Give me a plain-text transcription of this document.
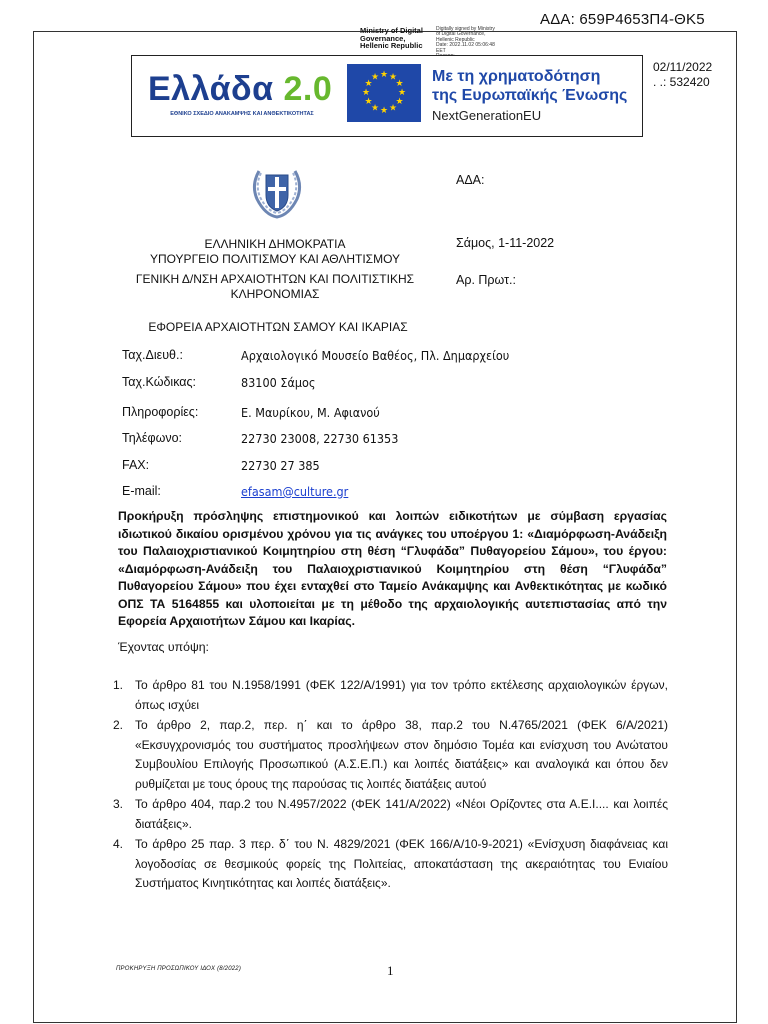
ΑΔΑ: 659Ρ4653Π4-ΘΚ5
Ministry of Digital
Governance,
Hellenic Republic
Digitally signed by Ministry
of Digital Governance,
Hellenic Republic
Date: 2022.11.02 05:06:48
EET
02/11/2022
. .: 532420
Ελλάδα 2.0
ΕΘΝΙΚΟ ΣΧΕΔΙΟ ΑΝΑΚΑΜΨΗΣ ΚΑΙ ΑΝΘΕΚΤΙΚΟΤΗΤΑΣ
★ ★
★
★
★
★
★
★
★
★
★
★	Με τη χρηματοδότηση
της Ευρωπαϊκής Ένωσης
NextGenerationEU
ΑΔΑ:
Σάμος, 1-11-2022
Αρ. Πρωτ.:
ΕΛΛΗΝΙΚΗ ΔΗΜΟΚΡΑΤΙΑ
ΥΠΟΥΡΓΕΙΟ ΠΟΛΙΤΙΣΜΟΥ ΚΑΙ ΑΘΛΗΤΙΣΜΟΥ
ΓΕΝΙΚΗ Δ/ΝΣΗ ΑΡΧΑΙΟΤΗΤΩΝ ΚΑΙ ΠΟΛΙΤΙΣΤΙΚΗΣ
ΚΛΗΡΟΝΟΜΙΑΣ
ΕΦΟΡΕΙΑ ΑΡΧΑΙΟΤΗΤΩΝ ΣΑΜΟΥ ΚΑΙ ΙΚΑΡΙΑΣ
Ταχ.Διευθ.:	Αρχαιολογικό Μουσείο Βαθέος, Πλ. Δημαρχείου
Ταχ.Κώδικας:	83100 Σάμος
Πληροφορίες:	Ε. Μαυρίκου, Μ. Αφιανού
Τηλέφωνο:	22730 23008, 22730 61353
FAX:	22730 27 385
E-mail:	efasam@culture.gr
Προκήρυξη πρόσληψης επιστημονικού και λοιπών ειδικοτήτων με σύμβαση εργασίας ιδιωτικού δικαίου ορισμένου χρόνου για τις ανάγκες του υποέργου 1: «Διαμόρφωση-Ανάδειξη του Παλαιοχριστιανικού Κοιμητηρίου στη θέση “Γλυφάδα” Πυθαγορείου Σάμου», του έργου: «Διαμόρφωση-Ανάδειξη του Παλαιοχριστιανικού Κοιμητηρίου στη θέση “Γλυφάδα” Πυθαγορείου Σάμου» που έχει ενταχθεί στο Ταμείο Ανάκαμψης και Ανθεκτικότητας με κωδικό ΟΠΣ ΤΑ 5164855 και υλοποιείται με τη μέθοδο της αρχαιολογικής αυτεπιστασίας από την Εφορεία Αρχαιοτήτων Σάμου και Ικαρίας.
Έχοντας υπόψη:
1. Το άρθρο 81 του Ν.1958/1991 (ΦΕΚ 122/Α/1991) για τον τρόπο εκτέλεσης αρχαιολογικών έργων, όπως ισχύει
2. Το άρθρο 2, παρ.2, περ. η΄ και το άρθρο 38, παρ.2 του Ν.4765/2021 (ΦΕΚ 6/Α/2021) «Εκσυγχρονισμός του συστήματος προσλήψεων στον δημόσιο Τομέα και ενίσχυση του Ανώτατου Συμβουλίου Επιλογής Προσωπικού (Α.Σ.Ε.Π.) και λοιπές διατάξεις» και αναλογικά και όπου δεν ρυθμίζεται με τους όρους της παρούσας τις λοιπές διατάξεις αυτού
3. Το άρθρο 404, παρ.2 του Ν.4957/2022 (ΦΕΚ 141/Α/2022) «Νέοι Ορίζοντες στα Α.Ε.Ι.... και λοιπές διατάξεις».
4. Το άρθρο 25 παρ. 3 περ. δ΄ του Ν. 4829/2021 (ΦΕΚ 166/Α/10-9-2021) «Ενίσχυση διαφάνειας και λογοδοσίας σε θεσμικούς φορείς της Πολιτείας, αποκατάσταση της ακεραιότητας του Ενιαίου Συστήματος Κινητικότητας και λοιπές διατάξεις».
ΠΡΟΚΗΡΥΞΗ ΠΡΟΣΩΠΙΚΟΥ ΙΔΟΧ (8/2022)	1
